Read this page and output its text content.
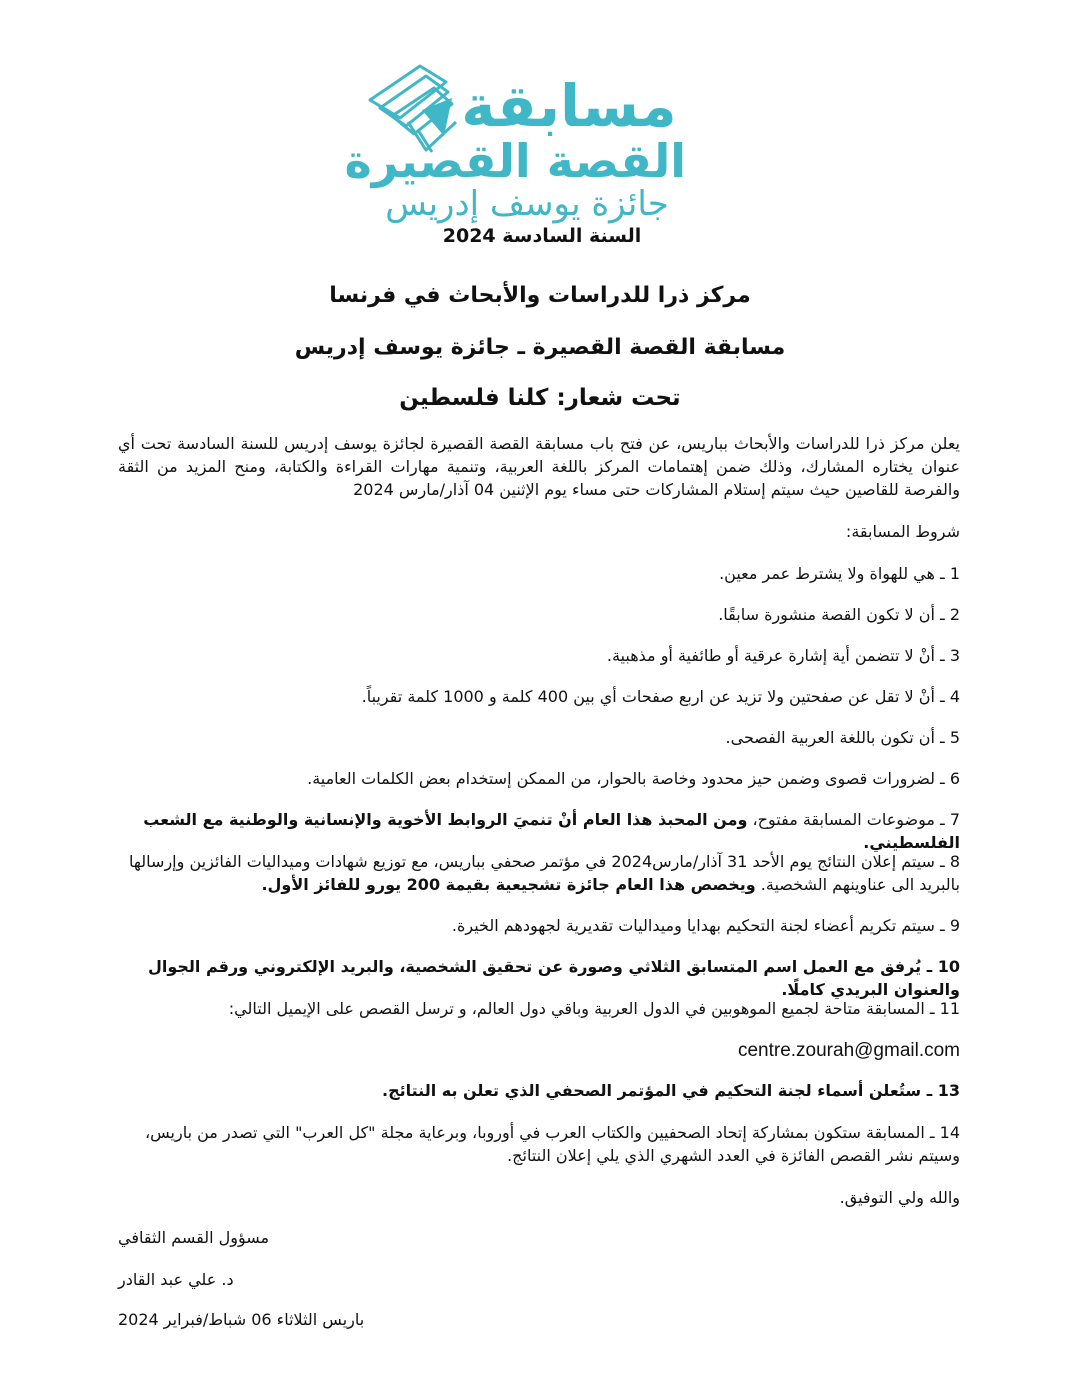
مسابقة
القصة القصيرة
جائزة يوسف إدريس
السنة السادسة 2024
مركز ذرا للدراسات والأبحاث في فرنسا
مسابقة القصة القصيرة ـ جائزة يوسف إدريس
تحت شعار: كلنا فلسطين
يعلن مركز ذرا للدراسات والأبحاث بباريس، عن فتح باب مسابقة القصة القصيرة لجائزة يوسف إدريس للسنة السادسة تحت أي عنوان يختاره المشارك، وذلك ضمن إهتمامات المركز باللغة العربية، وتنمية مهارات القراءة والكتابة، ومنح المزيد من الثقة والفرصة للقاصين حيث سيتم إستلام المشاركات حتى مساء يوم الإثنين 04 آذار/مارس 2024
شروط المسابقة:
1 ـ هي للهواة ولا يشترط عمر معين.
2 ـ أن لا تكون القصة منشورة سابقًا.
3 ـ أنْ لا تتضمن أية إشارة عرقية أو طائفية أو مذهبية.
4 ـ أنْ لا تقل عن صفحتين ولا تزيد عن اربع صفحات أي بين 400 كلمة و 1000 كلمة تقريباً.
5 ـ أن تكون باللغة العربية الفصحى.
6 ـ لضرورات قصوى وضمن حيز محدود وخاصة بالحوار، من الممكن إستخدام بعض الكلمات العامية.
7 ـ موضوعات المسابقة مفتوح، ومن المحبذ هذا العام أنْ تنميَ الروابط الأخوية والإنسانية والوطنية مع الشعب الفلسطيني.
8 ـ سيتم إعلان النتائج يوم الأحد 31 آذار/مارس2024 في مؤتمر صحفي بباريس، مع توزيع شهادات وميداليات الفائزين وإرسالها بالبريد الى عناوينهم الشخصية. ويخصص هذا العام جائزة تشجيعية بقيمة 200 يورو للفائز الأول.
9 ـ سيتم تكريم أعضاء لجنة التحكيم بهدايا وميداليات تقديرية لجهودهم الخيرة.
10 ـ يُرفق مع العمل اسم المتسابق الثلاثي وصورة عن تحقيق الشخصية، والبريد الإلكتروني ورقم الجوال والعنوان البريدي كاملًا.
11 ـ المسابقة متاحة لجميع الموهوبين في الدول العربية وباقي دول العالم، و ترسل القصص على الإيميل التالي:
centre.zourah@gmail.com
13 ـ ستُعلن أسماء لجنة التحكيم في المؤتمر الصحفي الذي تعلن به النتائج.
14 ـ المسابقة ستكون بمشاركة إتحاد الصحفيين والكتاب العرب في أوروبا، وبرعاية مجلة "كل العرب" التي تصدر من باريس، وسيتم نشر القصص الفائزة في العدد الشهري الذي يلي إعلان النتائج.
والله ولي التوفيق.
مسؤول القسم الثقافي
د. علي عبد القادر
باريس الثلاثاء 06 شباط/فبراير 2024
